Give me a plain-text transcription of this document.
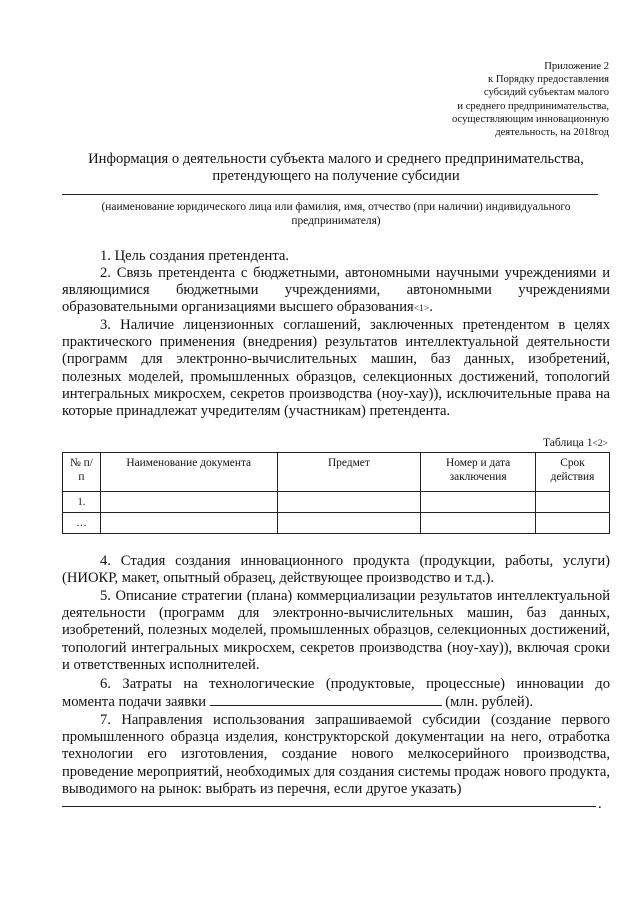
Приложение 2
к Порядку предоставления
субсидий субъектам малого
и среднего предпринимательства,
осуществляющим инновационную
деятельность, на 2018год
Информация о деятельности субъекта малого и среднего предпринимательства,
претендующего на получение субсидии
(наименование юридического лица или фамилия, имя, отчество (при наличии) индивидуального
предпринимателя)
1. Цель создания претендента.
2. Связь претендента с бюджетными, автономными научными учреждениями и являющимися бюджетными учреждениями, автономными учреждениями образовательными организациями высшего образования<1>.
3. Наличие лицензионных соглашений, заключенных претендентом в целях практического применения (внедрения) результатов интеллектуальной деятельности (программ для электронно-вычислительных машин, баз данных, изобретений, полезных моделей, промышленных образцов, селекционных достижений, топологий интегральных микросхем, секретов производства (ноу-хау)), исключительные права на которые принадлежат учредителям (участникам) претендента.
Таблица 1<2>
№ п/п	Наименование документа	Предмет	Номер и дата заключения	Срок действия
1.				
…				
4. Стадия создания инновационного продукта (продукции, работы, услуги) (НИОКР, макет, опытный образец, действующее производство и т.д.).
5. Описание стратегии (плана) коммерциализации результатов интеллектуальной деятельности (программ для электронно-вычислительных машин, баз данных, изобретений, полезных моделей, промышленных образцов, селекционных достижений, топологий интегральных микросхем, секретов производства (ноу-хау)), включая сроки и ответственных исполнителей.
6. Затраты на технологические (продуктовые, процессные) инновации до момента подачи заявки	(млн. рублей).
7. Направления использования запрашиваемой субсидии (создание первого промышленного образца изделия, конструкторской документации на него, отработка технологии его изготовления, создание нового мелкосерийного производства, проведение мероприятий, необходимых для создания системы продаж нового продукта, выводимого на рынок: выбрать из перечня, если другое указать)
.
